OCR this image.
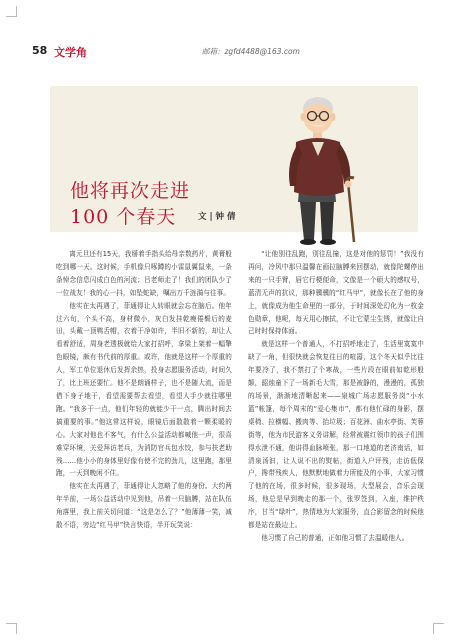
58 文学角	邮箱：zgfd4488@163.com
他将再次走进
100 个春天	文 | 钟 倩

离元旦还有15天，我掰着手指头给母亲数药片，黄膏般吃到哪一天。这时候，手机像只啄蹲的小雷鼠翼鼠来，一条条悼念信息闪成白色的河流；吕老师走了！我们的团队少了一位战友！我的心一抖，如坠蛇缺，嘱出万千涟漪与往事。

他实在太再遇了，菲通得让人转眼就会忘在脑后。他年过六旬，个头不高，身材微小，灰白发挂乾瘦倦鬓后的麦田，头戴一顶鸭舌帽，衣着干净如许，半旧不新的，却让人看着舒适，周身老透极就给大家打招呼，拿梁上架着一幅擎色眼镜，颇有书代前的厚重。或许，他就是这样一个厚重的人，军工单位退休后发挥余热，投身志愿服务活动，时间久了，比上班还要忙。他不是朗诵样子，也不是随大流，而是借下身子地干，看望需要帮去看望，看望人手少就往哪里跑。“我多干一点，他们年轻的就能少干一点，腾出时间去搞重要的事。”他这常这样说，眼镜后面散散着一颗柔暖的心。大家对他也不客气，有什么公益活动都喊他一声，很喜难穿环境，关爱拜访老兵，为消防官兵包水饺，参与扶老助残……他小小的身体里好像有使不完的劲儿，这里跑，那里跑，一天到晚闲不住。

他实在太再遇了，菲通得让人忽略了他的身份。大约两年半前，一场公益活动中见到他，吊着一只脑膊，站在队伍角落里，我上前关切问道：“这是怎么了？”他薄薄一笑，减散不语，旁边“红马甲”快言快语，半开玩笑说：

“让他别往乱跑，别往乱撞，这是对他的惩罚！”我没有再问，冷风中那只温馨在画拉脑膊来回摆动，就像陀螺停出来的一只手臂，唇它行梗便命，文像是一个硕大的感叹号，蓝清无声的抗议，那种骥骥的“红马甲”，就像长在了他的身上，就像成为他生命里的一部分，于时间深处幻化为一枚金色勋章，他呢，每天用心擦拭，不让它蒙尘生锈，就像让自己时时保持体面。

就是这样一个普通人，不打招呼地走了，生活里寞寞中缺了一角，但很快就会恢复往日的喧嚣，这个冬天似乎比往年要冷了，我不禁打了个寒战，一些片段在眼前如乾形般颠，韶烛童下了一场新毛大雪，那是被静的，漫漫的，孤独的场景，渐渐地清晰起来——泉城广场志愿服务岗“小水篮”帐篷，每个周末的“爱心集市”，都有他忙碌的身影，摆桌椅、拉横幅、搬肉等、抬垃圾；百花洲、曲水亭街、芙蓉街等，他为市民游客义务讲解，经常被震红领巾的孩子们围得水泄不通，他讲得血脉喷张，那一口地道的老济南话，如清泉汤汩，让人说不出的熨帖，街道入户评残，走访低保户，搀带残疾人，他默默地做着力所能及的小事，大家习惯了他的在场，很多时候，很多现场，大型展会，音乐会现场，他总是早到晚走的那一个，张罗签到，入座，维护秩序，甘当“绿叶”，热情地为大家服务，直合影留念的时候他都是站在最边上。

他习惯了自己的普通，正如他习惯了去温暖他人。
